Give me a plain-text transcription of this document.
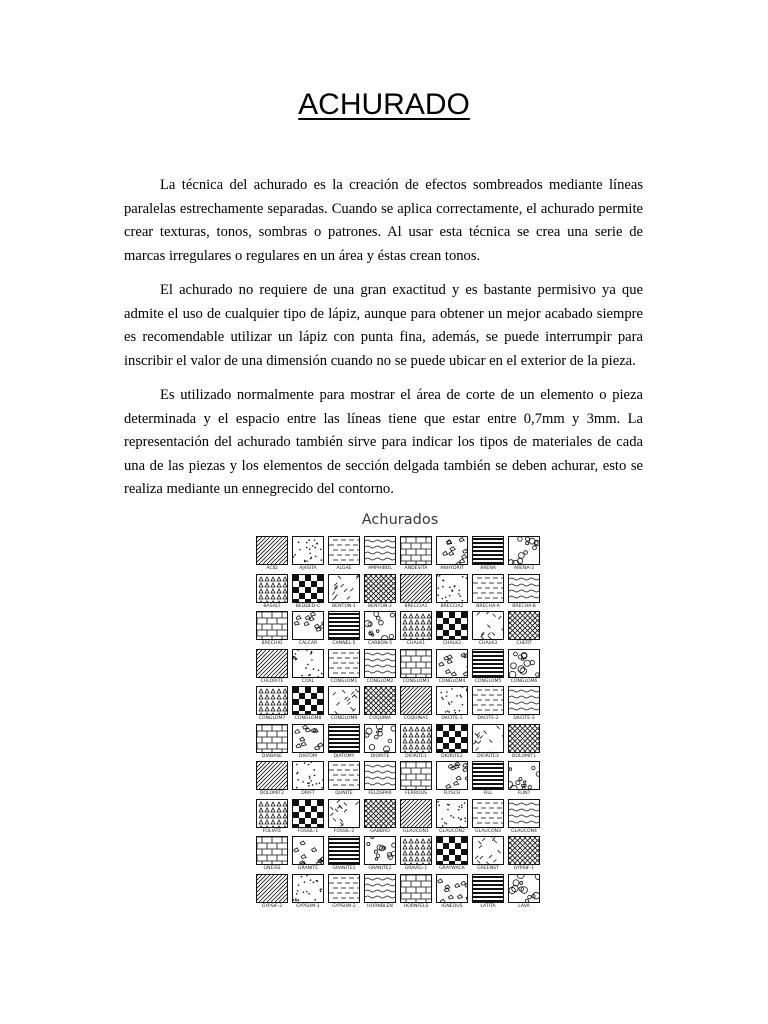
ACHURADO

La técnica del achurado es la creación de efectos sombreados mediante líneas paralelas estrechamente separadas. Cuando se aplica correctamente, el achurado permite crear texturas, tonos, sombras o patrones. Al usar esta técnica se crea una serie de marcas irregulares o regulares en un área y éstas crean tonos.

El achurado no requiere de una gran exactitud y es bastante permisivo ya que admite el uso de cualquier tipo de lápiz, aunque para obtener un mejor acabado siempre es recomendable utilizar un lápiz con punta fina, además, se puede interrumpir para inscribir el valor de una dimensión cuando no se puede ubicar en el exterior de la pieza.

Es utilizado normalmente para mostrar el área de corte de un elemento o pieza determinada y el espacio entre las líneas tiene que estar entre 0,7mm y 3mm. La representación del achurado también sirve para indicar los tipos de materiales de cada una de las piezas y los elementos de sección delgada también se deben achurar, esto se realiza mediante un ennegrecido del contorno.

Achurados
ACID	AJASITA	ALGAE	AMPHIBOL	ANDESITA	ANHYDRIT	ARENA	ARENA-2
BASALT	BEDDED-C	BENTON-1	BENTON-2	BRECCIA1	BRECCIA2	BRECHA-A	BRECHA-B
BRECHIO	CALCAR	CANNEL-5	CARBON-5	CHALK1	CHALK2	CHALK3	CHERT
CHLORITE	COAL	CONGLOM1	CONGLOM2	CONGLOM3	CONGLOM4	CONGLOM5	CONGLOM6
CONGLOM7	CONGLOM8	CONGLOM9	COQUINA	COQUINA1	DACITE-1	DACITE-2	DACITE-3
DIABASE	DIATOM	DIATOMY	DIORITE	DIORITE1	DIORITE2	DIORITE3	DOLOMIT1
DOLOMIT2	DRIFT	DUNITE	FELDSPAR	FERROUS	FLYSCH	FILL	FLINT
FOLIATE	FOSSIL-1	FOSSIL-2	GABBRO	GLAUCON1	GLAUCON2	GLAUCON3	GLAUCON4
GNEISS	GRANITE	GRANITE1	GRANITE2	GRAVEL-1	GRAYWACK	GREENST	GYPSIF-1
GYPSIF-2	GYPSUM-1	GYPSUM-2	HORNBLEN	HORNFELS	IGNEOUS	LATITA	LAVA
